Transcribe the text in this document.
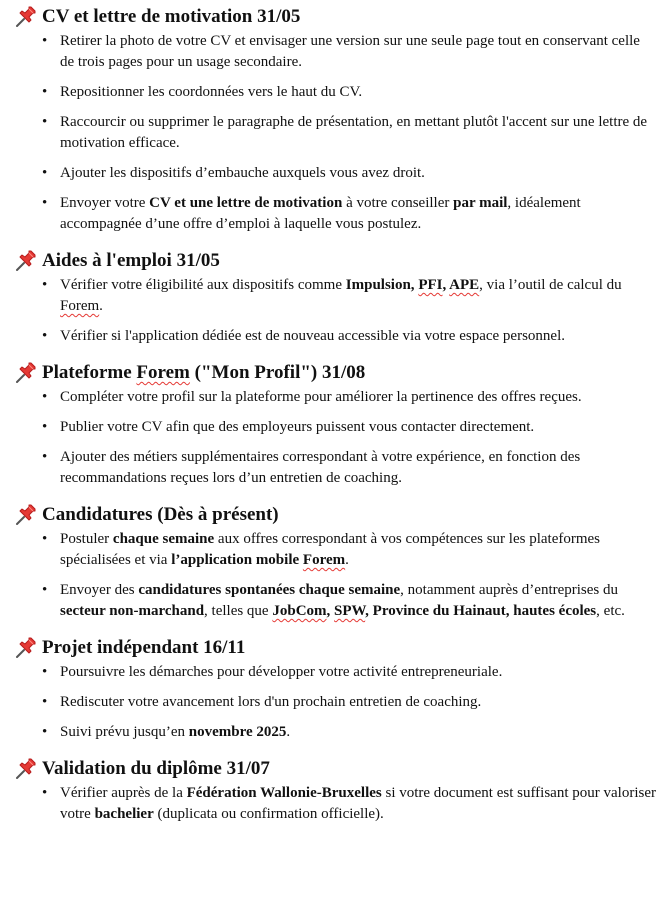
CV et lettre de motivation 31/05
• Retirer la photo de votre CV et envisager une version sur une seule page tout en conservant celle de trois pages pour un usage secondaire.
• Repositionner les coordonnées vers le haut du CV.
• Raccourcir ou supprimer le paragraphe de présentation, en mettant plutôt l'accent sur une lettre de motivation efficace.
• Ajouter les dispositifs d’embauche auxquels vous avez droit.
• Envoyer votre CV et une lettre de motivation à votre conseiller par mail, idéalement accompagnée d’une offre d’emploi à laquelle vous postulez.
Aides à l'emploi 31/05
• Vérifier votre éligibilité aux dispositifs comme Impulsion, PFI, APE, via l’outil de calcul du Forem.
• Vérifier si l'application dédiée est de nouveau accessible via votre espace personnel.
Plateforme Forem ("Mon Profil") 31/08
• Compléter votre profil sur la plateforme pour améliorer la pertinence des offres reçues.
• Publier votre CV afin que des employeurs puissent vous contacter directement.
• Ajouter des métiers supplémentaires correspondant à votre expérience, en fonction des recommandations reçues lors d’un entretien de coaching.
Candidatures (Dès à présent)
• Postuler chaque semaine aux offres correspondant à vos compétences sur les plateformes spécialisées et via l’application mobile Forem.
• Envoyer des candidatures spontanées chaque semaine, notamment auprès d’entreprises du secteur non-marchand, telles que JobCom, SPW, Province du Hainaut, hautes écoles, etc.
Projet indépendant 16/11
• Poursuivre les démarches pour développer votre activité entrepreneuriale.
• Rediscuter votre avancement lors d'un prochain entretien de coaching.
• Suivi prévu jusqu’en novembre 2025.
Validation du diplôme 31/07
• Vérifier auprès de la Fédération Wallonie-Bruxelles si votre document est suffisant pour valoriser votre bachelier (duplicata ou confirmation officielle).
